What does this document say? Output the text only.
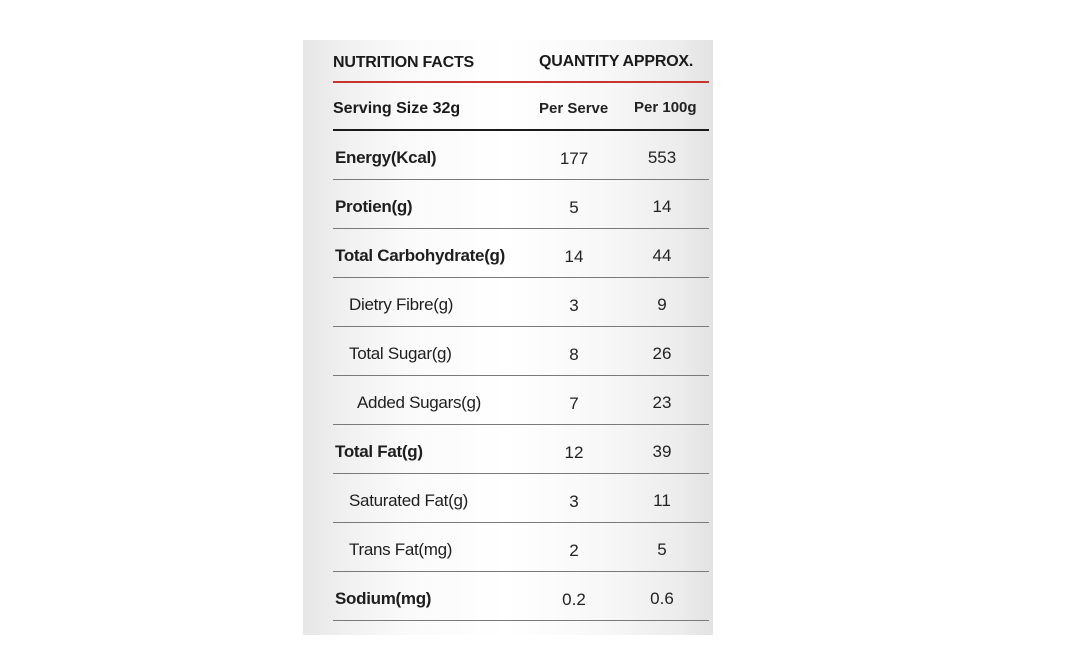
NUTRITION FACTS	QUANTITY APPROX.
Serving Size 32g	Per Serve Per 100g
Energy(Kcal)	177	553
Protien(g)	5	14
Total Carbohydrate(g)	14	44
Dietry Fibre(g)	3	9
Total Sugar(g)	8	26
Added Sugars(g)	7	23
Total Fat(g)	12	39
Saturated Fat(g)	3	11
Trans Fat(mg)	2	5
Sodium(mg)	0.2	0.6
